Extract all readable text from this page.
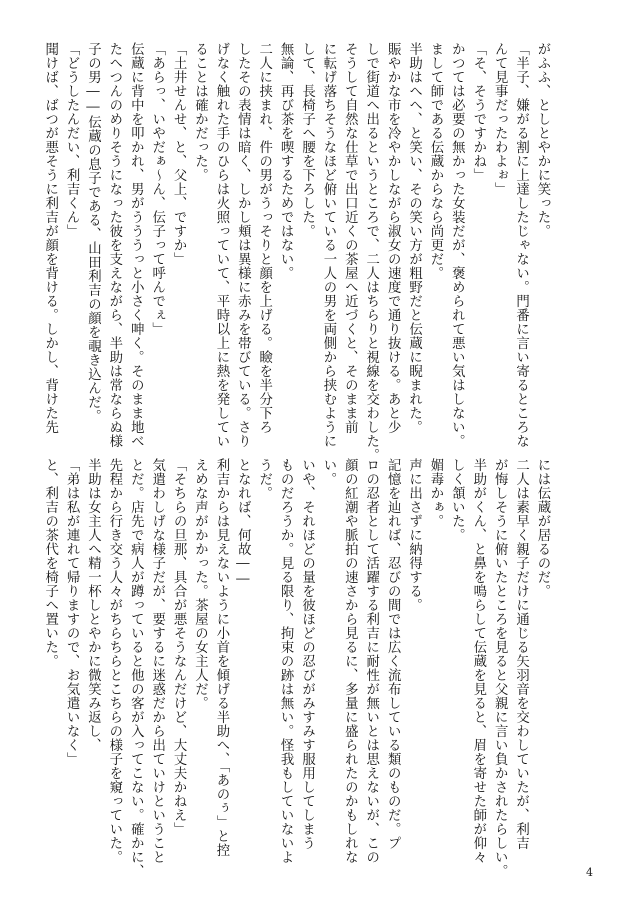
がふふ、としとやかに笑った。

「半子、嫌がる割に上達したじゃない。門番に言い寄るところな

んて見事だったわよぉ」

「そ、そうですかね」

かつては必要の無かった女装だが、褒められて悪い気はしない。

まして師である伝蔵からなら尚更だ。

半助はへへ、と笑い、その笑い方が粗野だと伝蔵に睨まれた。

賑やかな市を冷やかしながら淑女の速度で通り抜ける。あと少

しで街道へ出るというところで、二人はちらりと視線を交わした。

そうして自然な仕草で出口近くの茶屋へ近づくと、そのまま前

に転げ落ちそうなほど俯いている一人の男を両側から挟むように

して、長椅子へ腰を下ろした。

無論、再び茶を喫するためではない。

二人に挟まれ、件の男がうっそりと顔を上げる。瞼を半分下ろ

したその表情は暗く、しかし頬は異様に赤みを帯びている。さり

げなく触れた手のひらは火照っていて、平時以上に熱を発してい

ることは確かだった。

「土井せんせ、と、父上、ですか」

「あらっ、いやだぁ〜ん、伝子って呼んでぇ」

伝蔵に背中を叩かれ、男がうううっと小さく呻く。そのまま地べ

たへつんのめりそうになった彼を支えながら、半助は常ならぬ様

子の男――伝蔵の息子である、山田利吉の顔を覗き込んだ。

「どうしたんだい、利吉くん」

聞けば、ばつが悪そうに利吉が顔を背ける。しかし、背けた先

には伝蔵が居るのだ。

二人は素早く親子だけに通じる矢羽音を交わしていたが、利吉

が悔しそうに俯いたところを見ると父親に言い負かされたらしい。

半助がくん、と鼻を鳴らして伝蔵を見ると、眉を寄せた師が仰々

しく頷いた。

媚毒かぁ。

声に出さずに納得する。

記憶を辿れば、忍びの間では広く流布している類のものだ。プ

ロの忍者として活躍する利吉に耐性が無いとは思えないが、この

顔の紅潮や脈拍の速さから見るに、多量に盛られたのかもしれな

い。

いや、それほどの量を彼ほどの忍びがみすみす服用してしまう

ものだろうか。見る限り、拘束の跡は無い。怪我もしていないよ

うだ。

となれば、何故――

利吉からは見えないように小首を傾げる半助へ、「あのぅ」と控

えめな声がかかった。茶屋の女主人だ。

「そちらの旦那、具合が悪そうなんだけど、大丈夫かねえ」

気遣わしげな様子だが、要するに迷惑だから出ていけということ

とだ。店先で病人が蹲っていると他の客が入ってこない。確かに、

先程から行き交う人々がちらちらとこちらの様子を窺っていた。

半助は女主人へ精一杯しとやかに微笑み返し、

「弟は私が連れて帰りますので、お気遣いなく」

と、利吉の茶代を椅子へ置いた。

4
